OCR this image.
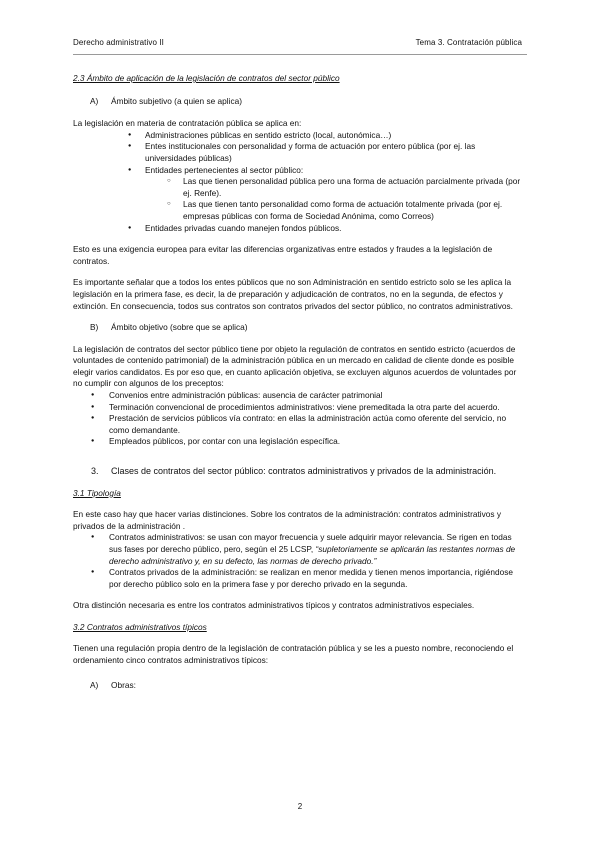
Derecho administrativo II	Tema 3. Contratación pública

2.3 Ámbito de aplicación de la legislación de contratos del sector público

A) Ámbito subjetivo (a quien se aplica)

La legislación en materia de contratación pública se aplica en:

● Administraciones públicas en sentido estricto (local, autonómica…)
● Entes institucionales con personalidad y forma de actuación por entero pública (por ej. las universidades públicas)
● Entidades pertenecientes al sector público:
○ Las que tienen personalidad pública pero una forma de actuación parcialmente privada (por ej. Renfe).
○ Las que tienen tanto personalidad como forma de actuación totalmente privada (por ej. empresas públicas con forma de Sociedad Anónima, como Correos)
● Entidades privadas cuando manejen fondos públicos.

Esto es una exigencia europea para evitar las diferencias organizativas entre estados y fraudes a la legislación de contratos.

Es importante señalar que a todos los entes públicos que no son Administración en sentido estricto solo se les aplica la legislación en la primera fase, es decir, la de preparación y adjudicación de contratos, no en la segunda, de efectos y extinción. En consecuencia, todos sus contratos son contratos privados del sector público, no contratos administrativos.

B) Ámbito objetivo (sobre que se aplica)

La legislación de contratos del sector público tiene por objeto la regulación de contratos en sentido estricto (acuerdos de voluntades de contenido patrimonial) de la administración pública en un mercado en calidad de cliente donde es posible elegir varios candidatos. Es por eso que, en cuanto aplicación objetiva, se excluyen algunos acuerdos de voluntades por no cumplir con algunos de los preceptos:

● Convenios entre administración públicas: ausencia de carácter patrimonial
● Terminación convencional de procedimientos administrativos: viene premeditada la otra parte del acuerdo.
● Prestación de servicios públicos vía contrato: en ellas la administración actúa como oferente del servicio, no como demandante.
● Empleados públicos, por contar con una legislación específica.
3.	Clases de contratos del sector público: contratos administrativos y privados de la administración.

3.1 Tipología

En este caso hay que hacer varias distinciones. Sobre los contratos de la administración: contratos administrativos y privados de la administración .

● Contratos administrativos: se usan con mayor frecuencia y suele adquirir mayor relevancia. Se rigen en todas sus fases por derecho público, pero, según el 25 LCSP, “supletoriamente se aplicarán las restantes normas de derecho administrativo y, en su defecto, las normas de derecho privado.”
● Contratos privados de la administración: se realizan en menor medida y tienen menos importancia, rigiéndose por derecho público solo en la primera fase y por derecho privado en la segunda.

Otra distinción necesaria es entre los contratos administrativos típicos y contratos administrativos especiales.

3.2 Contratos administrativos típicos

Tienen una regulación propia dentro de la legislación de contratación pública y se les a puesto nombre, reconociendo el ordenamiento cinco contratos administrativos típicos:

A) Obras:

2
